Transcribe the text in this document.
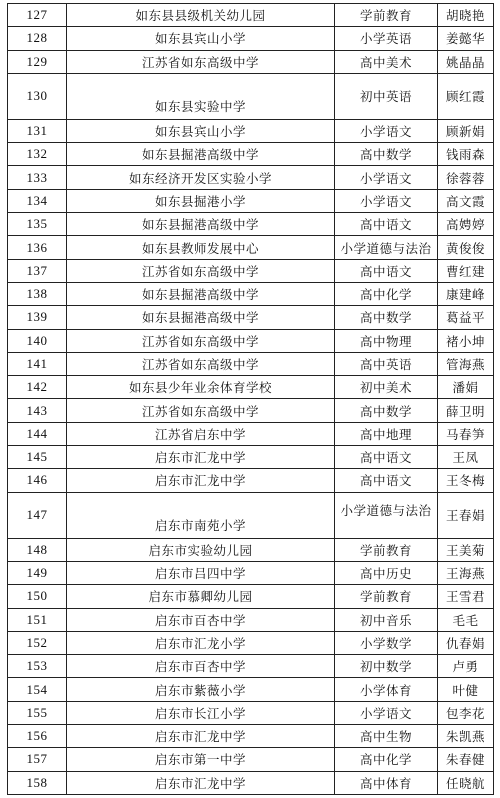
127	如东县县级机关幼儿园	学前教育	胡晓艳
128	如东县宾山小学	小学英语	姜懿华
129	江苏省如东高级中学	高中美术	姚晶晶
130	如东县实验中学	初中英语	顾红霞
131	如东县宾山小学	小学语文	顾新娟
132	如东县掘港高级中学	高中数学	钱雨森
133	如东经济开发区实验小学	小学语文	徐蓉蓉
134	如东县掘港小学	小学语文	高文霞
135	如东县掘港高级中学	高中语文	高娉婷
136	如东县教师发展中心	小学道德与法治	黄俊俊
137	江苏省如东高级中学	高中语文	曹红建
138	如东县掘港高级中学	高中化学	康建峰
139	如东县掘港高级中学	高中数学	葛益平
140	江苏省如东高级中学	高中物理	褚小坤
141	江苏省如东高级中学	高中英语	管海燕
142	如东县少年业余体育学校	初中美术	潘娟
143	江苏省如东高级中学	高中数学	薛卫明
144	江苏省启东中学	高中地理	马春笋
145	启东市汇龙中学	高中语文	王凤
146	启东市汇龙中学	高中语文	王冬梅
147	启东市南苑小学	小学道德与法治	王春娟
148	启东市实验幼儿园	学前教育	王美菊
149	启东市吕四中学	高中历史	王海燕
150	启东市慕卿幼儿园	学前教育	王雪君
151	启东市百杏中学	初中音乐	毛毛
152	启东市汇龙小学	小学数学	仇春娟
153	启东市百杏中学	初中数学	卢勇
154	启东市紫薇小学	小学体育	叶健
155	启东市长江小学	小学语文	包李花
156	启东市汇龙中学	高中生物	朱凯燕
157	启东市第一中学	高中化学	朱春健
158	启东市汇龙中学	高中体育	任晓航
